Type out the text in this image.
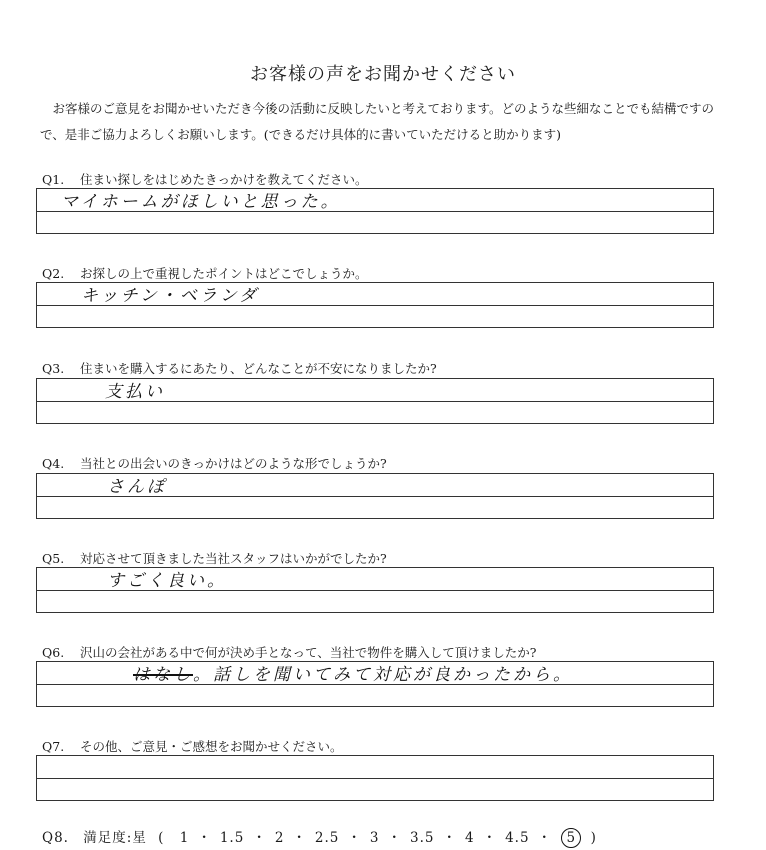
お客様の声をお聞かせください
お客様のご意見をお聞かせいただき今後の活動に反映したいと考えております。どのような些細なことでも結構ですので、是非ご協力よろしくお願いします。(できるだけ具体的に書いていただけると助かります)
Q1. 住まい探しをはじめたきっかけを教えてください。
マイホームがほしいと思った。
Q2. お探しの上で重視したポイントはどこでしょうか。
キッチン・ベランダ
Q3. 住まいを購入するにあたり、どんなことが不安になりましたか?
支払い
Q4. 当社との出会いのきっかけはどのような形でしょうか?
さんぽ
Q5. 対応させて頂きました当社スタッフはいかがでしたか?
すごく良い。
Q6. 沢山の会社がある中で何が決め手となって、当社で物件を購入して頂けましたか?
はなし。話しを聞いてみて対応が良かったから。
Q7. その他、ご意見・ご感想をお聞かせください。
Q8. 満足度:星 ( 1 ・ 1.5 ・ 2 ・ 2.5 ・ 3 ・ 3.5 ・ 4 ・ 4.5 ・ 5 )
